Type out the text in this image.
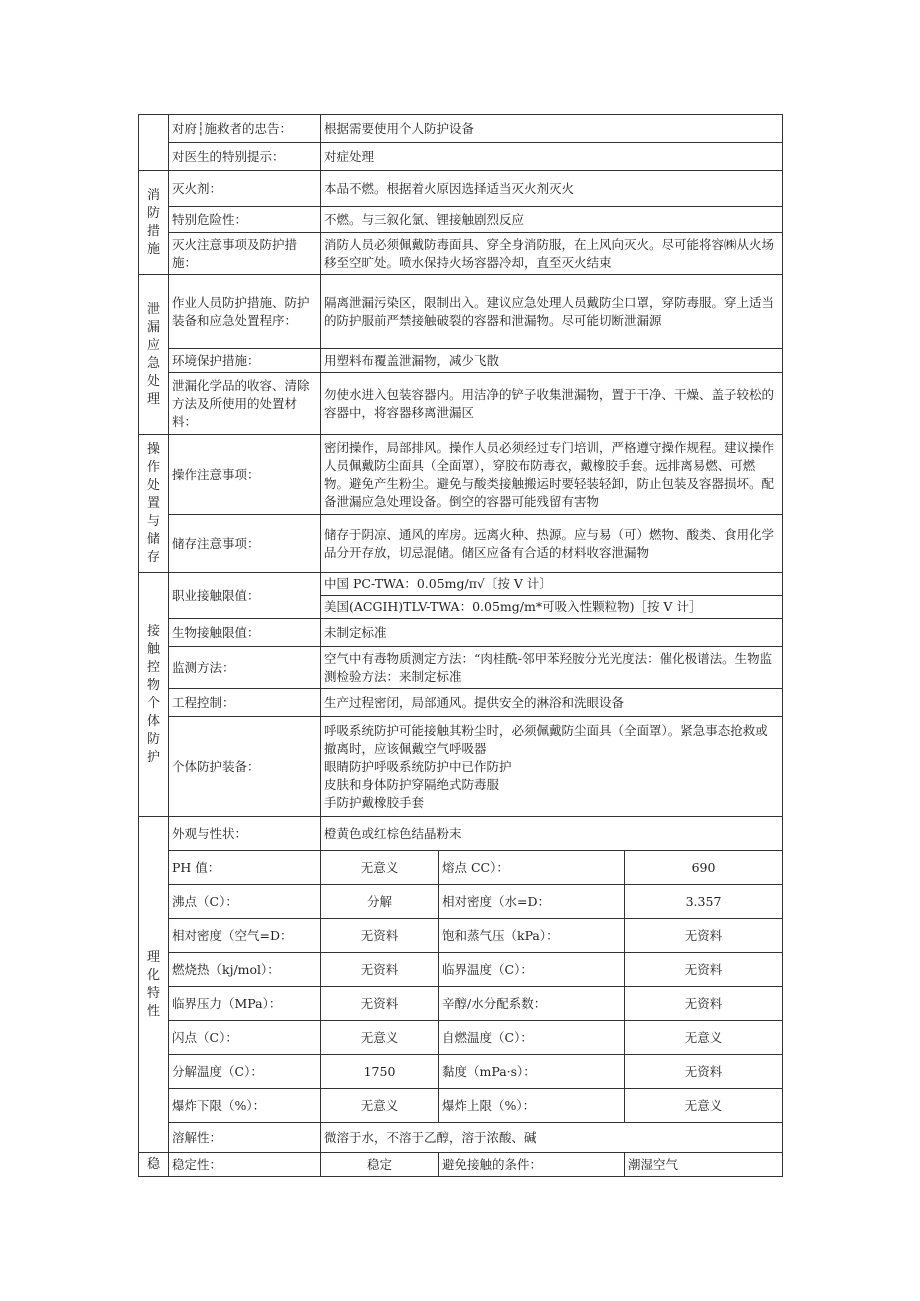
	对府┆施救者的忠告：	根据需要使用个人防护设备		
	对医生的特别提示：	对症处理		
消防措施	灭火剂：	本品不燃。根据着火原因选择适当灭火剂灭火		
	特别危险性：	不燃。与三叙化氯、锂接触剧烈反应		
	灭火注意事项及防护措施：	消防人员必须佩戴防毒面具、穿全身消防服，在上风向灭火。尽可能将容㈱从火场移至空旷处。喷水保持火场容器冷却，直至灭火结束		
泄漏应急处理	作业人员防护措施、防护装备和应急处置程序：	隔离泄漏污染区，限制出入。建议应急处理人员戴防尘口罩，穿防毒服。穿上适当的防护服前严禁接触破裂的容器和泄漏物。尽可能切断泄漏源		
	环境保护措施：	用塑料布覆盖泄漏物，减少飞散		
	泄漏化学品的收容、清除方法及所使用的处置材料：	勿使水进入包装容器内。用洁净的铲子收集泄漏物，置于干净、干燥、盖子较松的容器中，将容器移离泄漏区		
操作处置与储存	操作注意事项：	密闭操作，局部排风。操作人员必须经过专门培训，严格遵守操作规程。建议操作人员佩戴防尘面具（全面罩），穿胶布防毒衣，戴橡胶手套。远排离易燃、可燃物。避免产生粉尘。避免与酸类接触搬运时要轻装轻卸，防止包装及容器损坏。配备泄漏应急处理设备。倒空的容器可能残留有害物		
	储存注意事项：	储存于阴凉、通风的库房。远离火种、热源。应与易（可）燃物、酸类、食用化学品分开存放，切忌混储。储区应备有合适的材料收容泄漏物		
接触控物个体防护	职业接触限值：	中国 PC-TWA：0.05mg/π√〔按 V 计〕		
		美国(ACGIH)TLV-TWA：0.05mg/m*可吸入性颗粒物)［按 V 计］		
	生物接触限值：	未制定标准		
	监测方法：	空气中有毒物质测定方法：“肉桂酰-邻甲苯羟胺分光光度法：催化极谱法。生物监测检验方法：来制定标准		
	工程控制：	生产过程密闭，局部通风。提供安全的淋浴和洗眼设备		
	个体防护装备：	呼吸系统防护可能接触其粉尘时，必须佩戴防尘面具（全面罩）。紧急事态抢救或撤离时，应该佩戴空气呼吸器
眼睛防护呼吸系统防护中已作防护
皮肤和身体防护穿隔绝式防毒服
手防护戴橡胶手套		

理化特性	外观与性状：	橙黄色或红棕色结晶粉末		
	PH 值：	无意义	熔点 CC）：	690
	沸点（C）：	分解	相对密度（水=D：	3.357
	相对密度（空气=D：	无资料	饱和蒸气压（kPa）：	无资料
	燃烧热（kj/mol）：	无资料	临界温度（C）：	无资料
	临界压力（MPa）：	无资料	辛醇/水分配系数：	无资料
	闪点（C）：	无意义	自燃温度（C）：	无意义
	分解温度（C）：	1750	黏度（mPa·s）：	无资料
	爆炸下限（%）：	无意义	爆炸上限（%）：	无意义
	溶解性：	微溶于水，不溶于乙醇，溶于浓酸、碱		
稳	稳定性：	稳定	避免接触的条件：	潮湿空气
